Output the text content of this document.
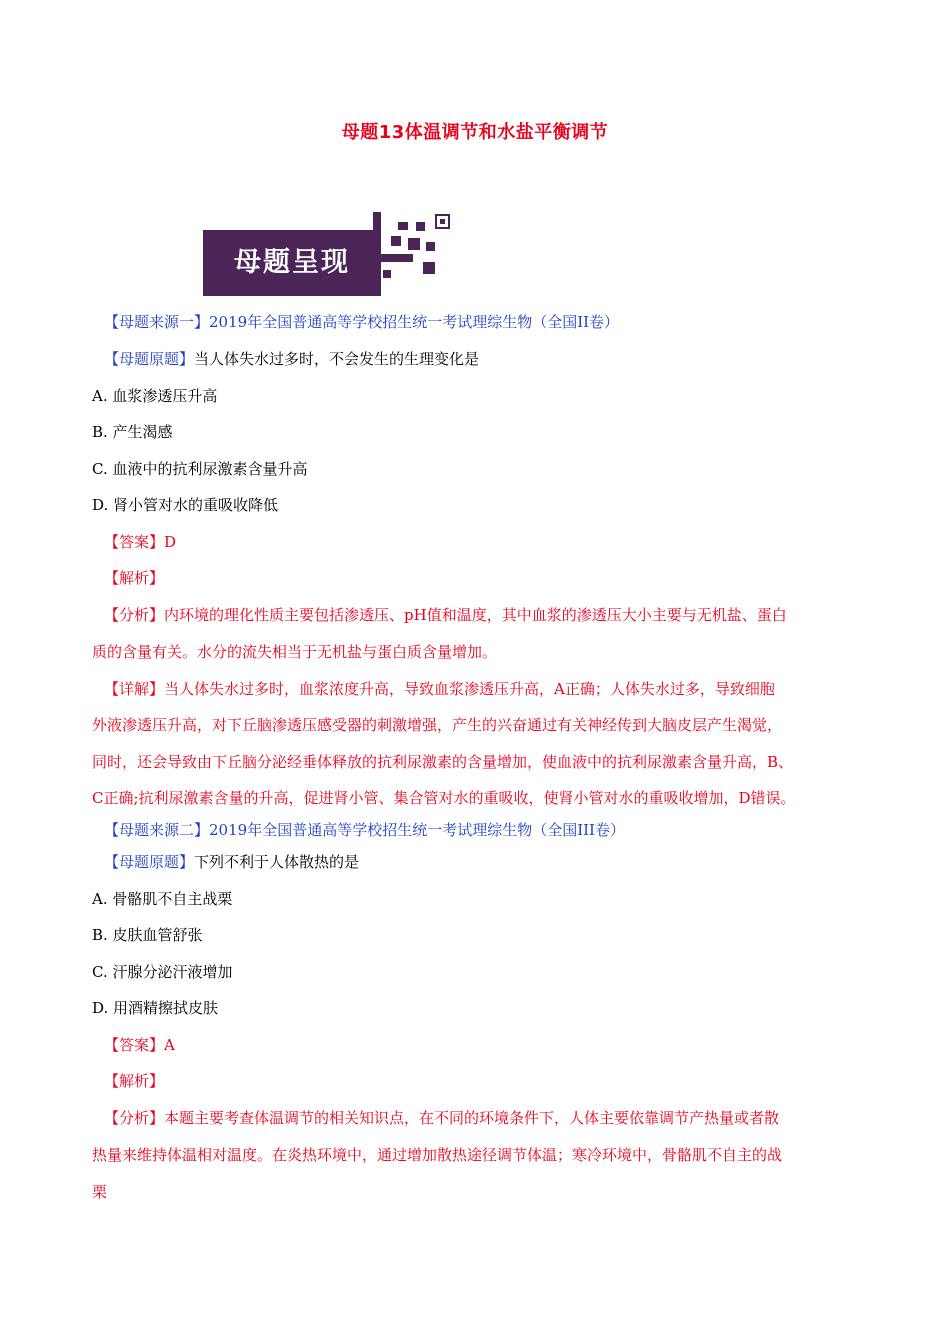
母题13体温调节和水盐平衡调节
母题呈现
【母题来源一】2019年全国普通高等学校招生统一考试理综生物（全国II卷）
【母题原题】当人体失水过多时，不会发生的生理变化是
A. 血浆渗透压升高
B. 产生渴感
C. 血液中的抗利尿激素含量升高
D. 肾小管对水的重吸收降低
【答案】D
【解析】
【分析】内环境的理化性质主要包括渗透压、pH值和温度，其中血浆的渗透压大小主要与无机盐、蛋白
质的含量有关。水分的流失相当于无机盐与蛋白质含量增加。
【详解】当人体失水过多时，血浆浓度升高，导致血浆渗透压升高，A正确；人体失水过多，导致细胞
外液渗透压升高，对下丘脑渗透压感受器的刺激增强，产生的兴奋通过有关神经传到大脑皮层产生渴觉，
同时，还会导致由下丘脑分泌经垂体释放的抗利尿激素的含量增加，使血液中的抗利尿激素含量升高，B、
C正确;抗利尿激素含量的升高，促进肾小管、集合管对水的重吸收，使肾小管对水的重吸收增加，D错误。
【母题来源二】2019年全国普通高等学校招生统一考试理综生物（全国III卷）
【母题原题】下列不利于人体散热的是
A. 骨骼肌不自主战栗
B. 皮肤血管舒张
C. 汗腺分泌汗液增加
D. 用酒精擦拭皮肤
【答案】A
【解析】
【分析】本题主要考查体温调节的相关知识点，在不同的环境条件下，人体主要依靠调节产热量或者散
热量来维持体温相对温度。在炎热环境中，通过增加散热途径调节体温；寒冷环境中，骨骼肌不自主的战
栗
